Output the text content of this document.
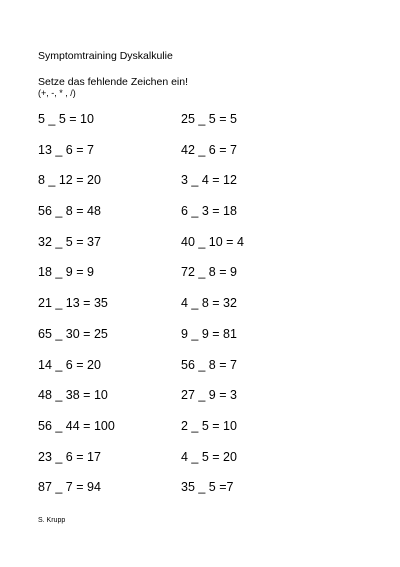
Symptomtraining Dyskalkulie
Setze das fehlende Zeichen ein!
(+, -, * , /)
5 _ 5 = 10	25 _ 5 = 5
13 _ 6 = 7	42 _ 6 = 7
8 _ 12 = 20	3 _ 4 = 12
56 _ 8 = 48	6 _ 3 = 18
32 _ 5 = 37	40 _ 10 = 4
18 _ 9 = 9	72 _ 8 = 9
21 _ 13 = 35	4 _ 8 = 32
65 _ 30 = 25	9 _ 9 = 81
14 _ 6 = 20	56 _ 8 = 7
48 _ 38 = 10	27 _ 9 = 3
56 _ 44 = 100	2 _ 5 = 10
23 _ 6 = 17	4 _ 5 = 20
87 _ 7 = 94	35 _ 5 =7
S. Krupp
